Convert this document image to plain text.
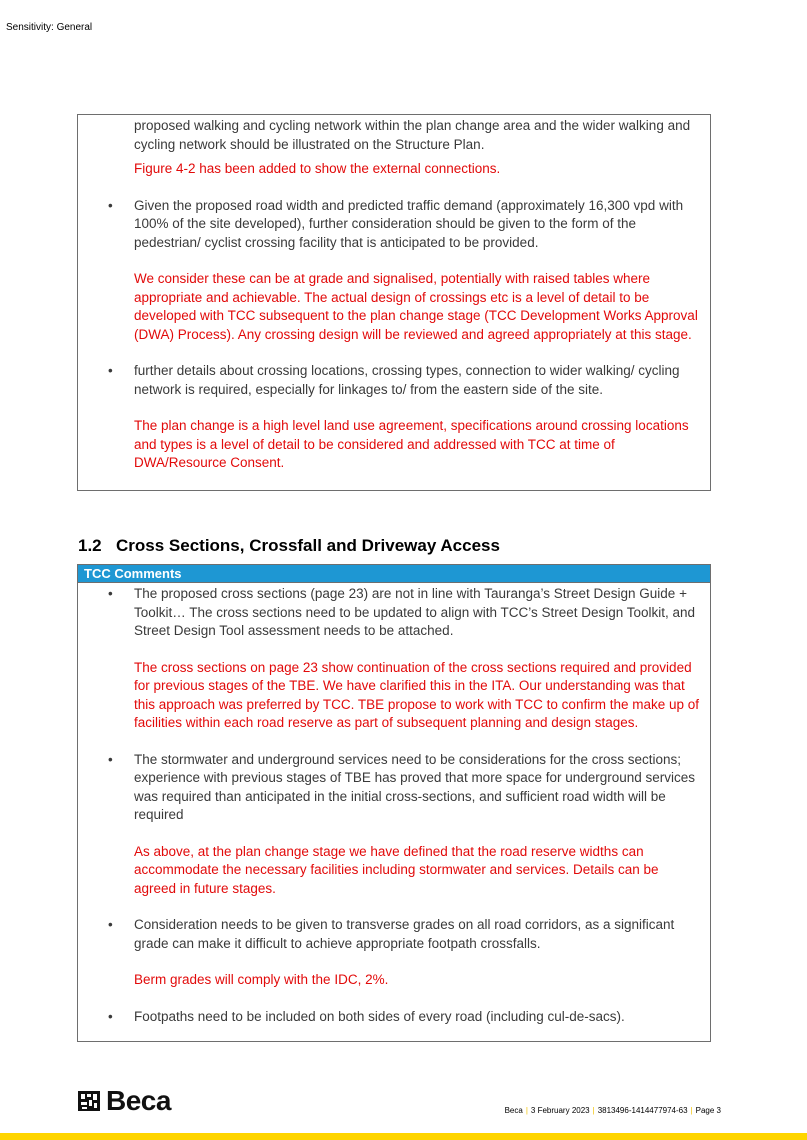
Sensitivity: General

proposed walking and cycling network within the plan change area and the wider walking and cycling network should be illustrated on the Structure Plan.

Figure 4-2 has been added to show the external connections.

• Given the proposed road width and predicted traffic demand (approximately 16,300 vpd with 100% of the site developed), further consideration should be given to the form of the pedestrian/ cyclist crossing facility that is anticipated to be provided.

We consider these can be at grade and signalised, potentially with raised tables where appropriate and achievable. The actual design of crossings etc is a level of detail to be developed with TCC subsequent to the plan change stage (TCC Development Works Approval (DWA) Process). Any crossing design will be reviewed and agreed appropriately at this stage.

• further details about crossing locations, crossing types, connection to wider walking/ cycling network is required, especially for linkages to/ from the eastern side of the site.

The plan change is a high level land use agreement, specifications around crossing locations and types is a level of detail to be considered and addressed with TCC at time of DWA/Resource Consent.

1.2 Cross Sections, Crossfall and Driveway Access
TCC Comments

• The proposed cross sections (page 23) are not in line with Tauranga’s Street Design Guide + Toolkit… The cross sections need to be updated to align with TCC’s Street Design Toolkit, and Street Design Tool assessment needs to be attached.

The cross sections on page 23 show continuation of the cross sections required and provided for previous stages of the TBE. We have clarified this in the ITA. Our understanding was that this approach was preferred by TCC. TBE propose to work with TCC to confirm the make up of facilities within each road reserve as part of subsequent planning and design stages.

• The stormwater and underground services need to be considerations for the cross sections; experience with previous stages of TBE has proved that more space for underground services was required than anticipated in the initial cross-sections, and sufficient road width will be required

As above, at the plan change stage we have defined that the road reserve widths can accommodate the necessary facilities including stormwater and services. Details can be agreed in future stages.

• Consideration needs to be given to transverse grades on all road corridors, as a significant grade can make it difficult to achieve appropriate footpath crossfalls.

Berm grades will comply with the IDC, 2%.

• Footpaths need to be included on both sides of every road (including cul-de-sacs).

Beca	Beca | 3 February 2023 | 3813496-1414477974-63 | Page 3
